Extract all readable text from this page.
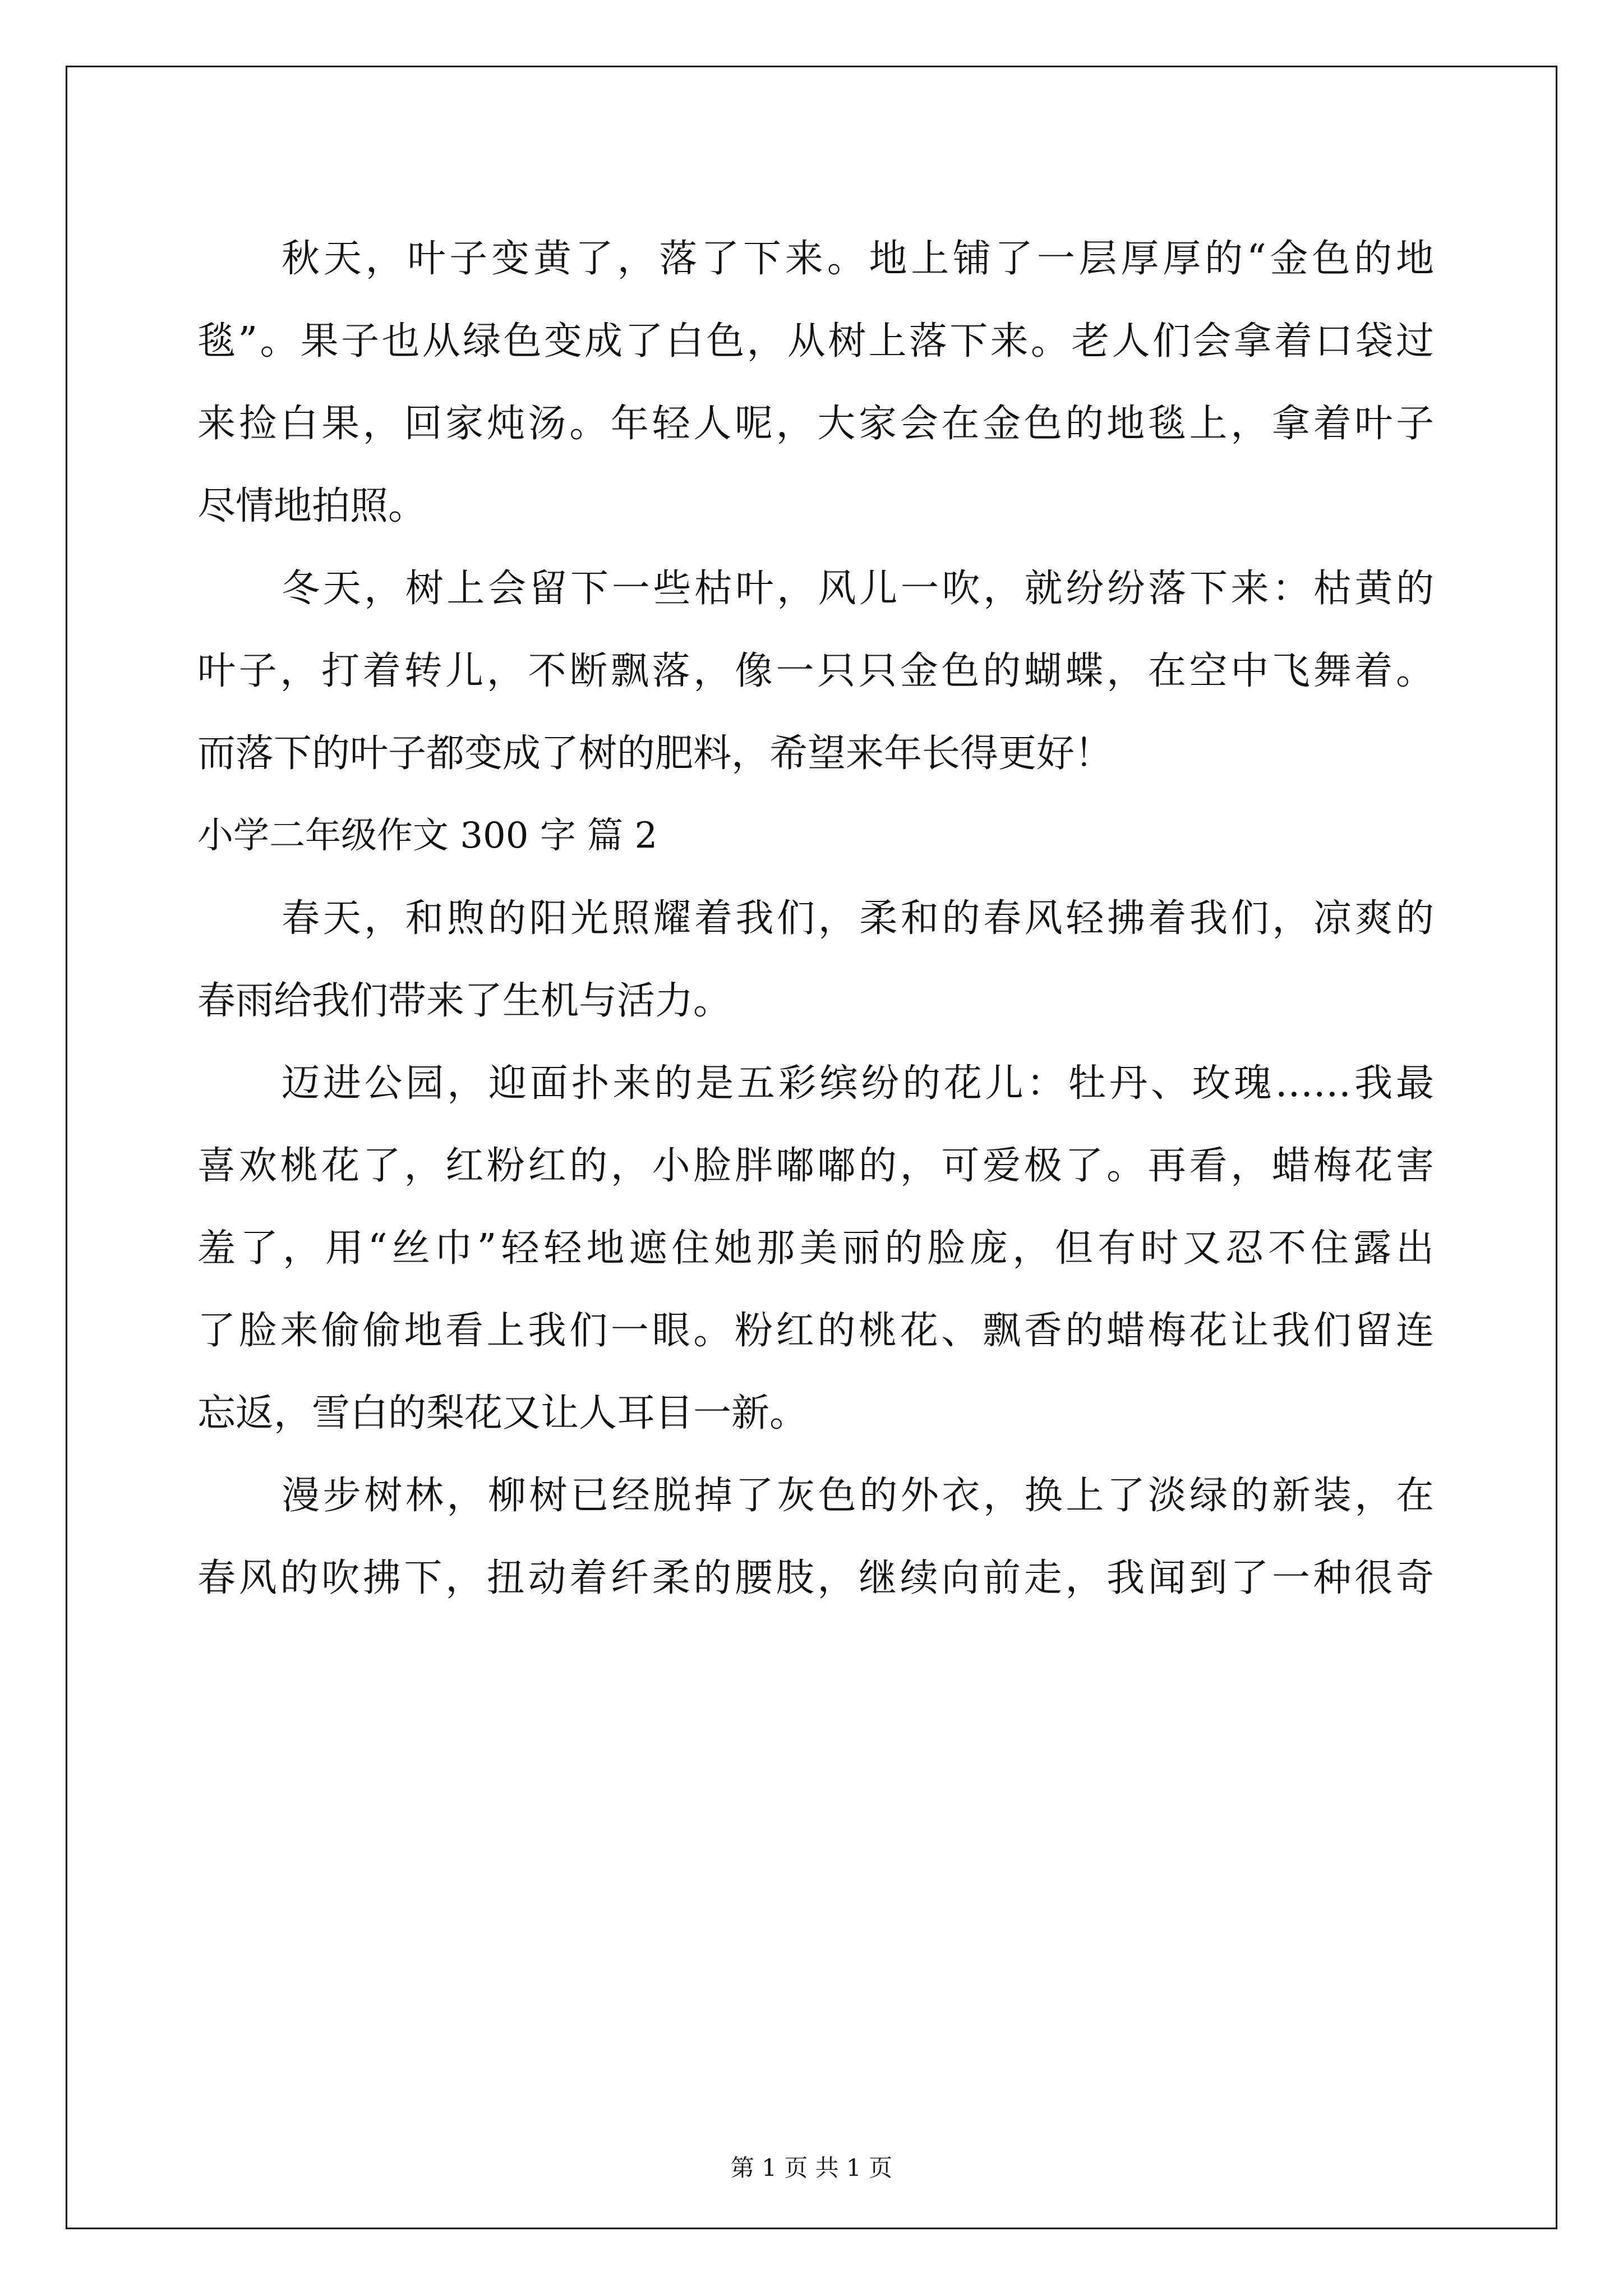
秋天，叶子变黄了，落了下来。地上铺了一层厚厚的“金色的地
毯”。果子也从绿色变成了白色，从树上落下来。老人们会拿着口袋过
来捡白果，回家炖汤。年轻人呢，大家会在金色的地毯上，拿着叶子
尽情地拍照。
冬天，树上会留下一些枯叶，风儿一吹，就纷纷落下来：枯黄的
叶子，打着转儿，不断飘落，像一只只金色的蝴蝶，在空中飞舞着。
而落下的叶子都变成了树的肥料，希望来年长得更好！
小学二年级作文 300 字 篇 2
春天，和煦的阳光照耀着我们，柔和的春风轻拂着我们，凉爽的
春雨给我们带来了生机与活力。
迈进公园，迎面扑来的是五彩缤纷的花儿：牡丹、玫瑰……我最
喜欢桃花了，红粉红的，小脸胖嘟嘟的，可爱极了。再看，蜡梅花害
羞了，用“丝巾”轻轻地遮住她那美丽的脸庞，但有时又忍不住露出
了脸来偷偷地看上我们一眼。粉红的桃花、飘香的蜡梅花让我们留连
忘返，雪白的梨花又让人耳目一新。
漫步树林，柳树已经脱掉了灰色的外衣，换上了淡绿的新装，在
春风的吹拂下，扭动着纤柔的腰肢，继续向前走，我闻到了一种很奇
第 1 页 共 1 页
